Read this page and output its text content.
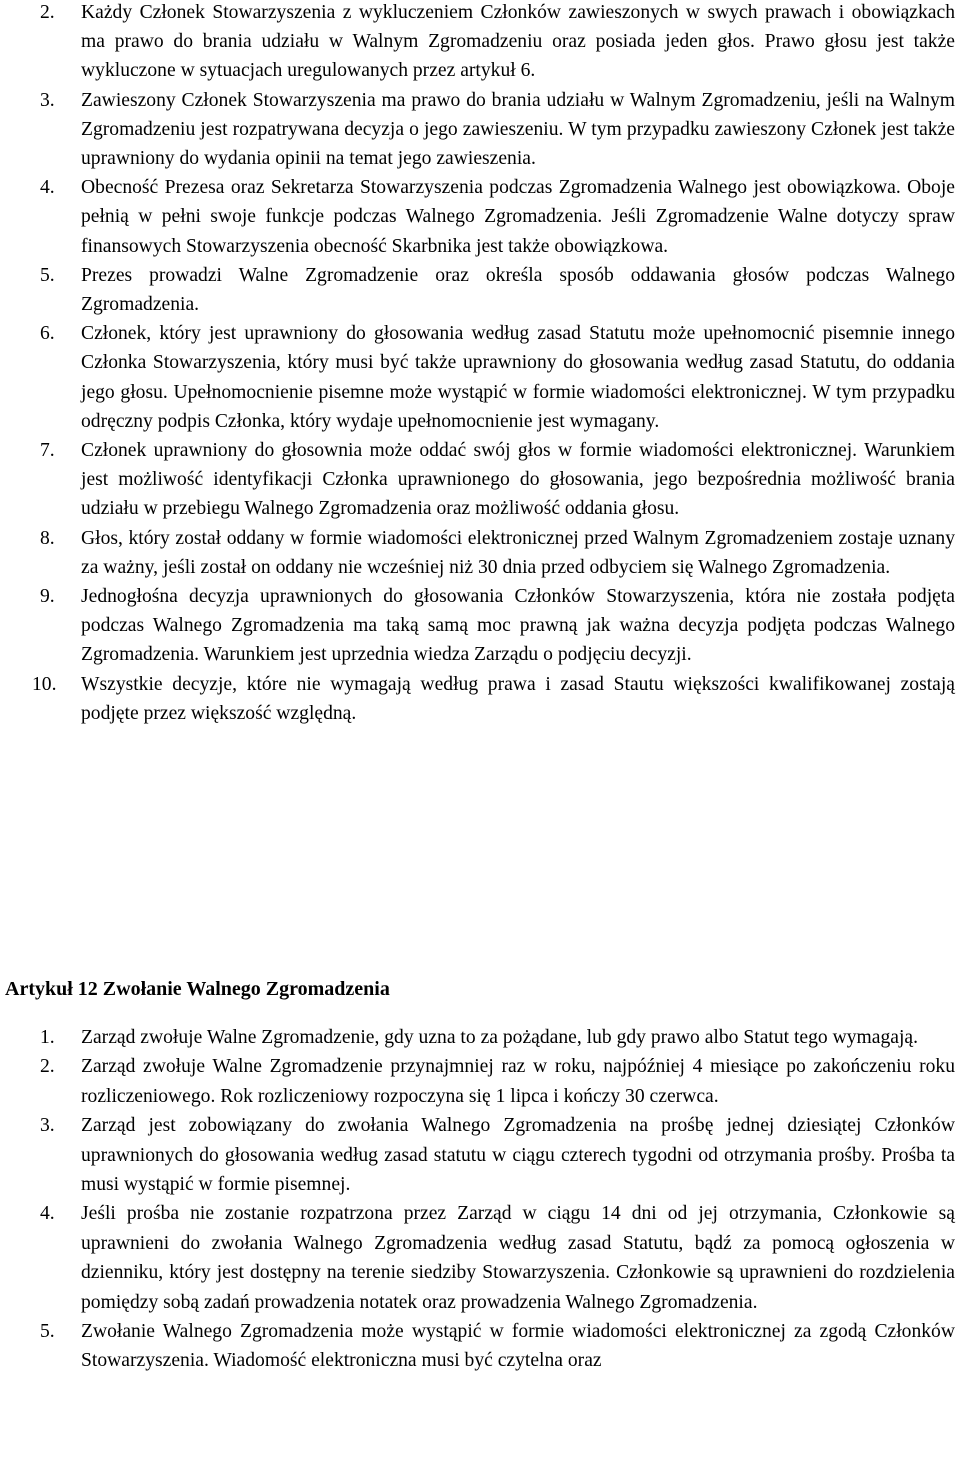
2.	Każdy Członek Stowarzyszenia z wykluczeniem Członków zawieszonych w swych prawach i obowiązkach ma prawo do brania udziału w Walnym Zgromadzeniu oraz posiada jeden głos. Prawo głosu jest także wykluczone w sytuacjach uregulowanych przez artykuł 6.
3.	Zawieszony Członek Stowarzyszenia ma prawo do brania udziału w Walnym Zgromadzeniu, jeśli na Walnym Zgromadzeniu jest rozpatrywana decyzja o jego zawieszeniu. W tym przypadku zawieszony Członek jest także uprawniony do wydania opinii na temat jego zawieszenia.
4.	Obecność Prezesa oraz Sekretarza Stowarzyszenia podczas Zgromadzenia Walnego jest obowiązkowa. Oboje pełnią w pełni swoje funkcje podczas Walnego Zgromadzenia. Jeśli Zgromadzenie Walne dotyczy spraw finansowych Stowarzyszenia obecność Skarbnika jest także obowiązkowa.
5.	Prezes prowadzi Walne Zgromadzenie oraz określa sposób oddawania głosów podczas Walnego Zgromadzenia.
6.	Członek, który jest uprawniony do głosowania według zasad Statutu może upełnomocnić pisemnie innego Członka Stowarzyszenia, który musi być także uprawniony do głosowania według zasad Statutu, do oddania jego głosu. Upełnomocnienie pisemne może wystąpić w formie wiadomości elektronicznej. W tym przypadku odręczny podpis Członka, który wydaje upełnomocnienie jest wymagany.
7.	Członek uprawniony do głosownia może oddać swój głos w formie wiadomości elektronicznej. Warunkiem jest możliwość identyfikacji Członka uprawnionego do głosowania, jego bezpośrednia możliwość brania udziału w przebiegu Walnego Zgromadzenia oraz możliwość oddania głosu.
8.	Głos, który został oddany w formie wiadomości elektronicznej przed Walnym Zgromadzeniem zostaje uznany za ważny, jeśli został on oddany nie wcześniej niż 30 dnia przed odbyciem się Walnego Zgromadzenia.
9.	Jednogłośna decyzja uprawnionych do głosowania Członków Stowarzyszenia, która nie została podjęta podczas Walnego Zgromadzenia ma taką samą moc prawną jak ważna decyzja podjęta podczas Walnego Zgromadzenia. Warunkiem jest uprzednia wiedza Zarządu o podjęciu decyzji.
10.	Wszystkie decyzje, które nie wymagają według prawa i zasad Stautu większości kwalifikowanej zostają podjęte przez większość względną.
Artykuł 12 Zwołanie Walnego Zgromadzenia
1.	Zarząd zwołuje Walne Zgromadzenie, gdy uzna to za pożądane, lub gdy prawo albo Statut tego wymagają.
2.	Zarząd zwołuje Walne Zgromadzenie przynajmniej raz w roku, najpóźniej 4 miesiące po zakończeniu roku rozliczeniowego. Rok rozliczeniowy rozpoczyna się 1 lipca i kończy 30 czerwca.
3.	Zarząd jest zobowiązany do zwołania Walnego Zgromadzenia na prośbę jednej dziesiątej Członków uprawnionych do głosowania według zasad statutu w ciągu czterech tygodni od otrzymania prośby. Prośba ta musi wystąpić w formie pisemnej.
4.	Jeśli prośba nie zostanie rozpatrzona przez Zarząd w ciągu 14 dni od jej otrzymania, Członkowie są uprawnieni do zwołania Walnego Zgromadzenia według zasad Statutu, bądź za pomocą ogłoszenia w dzienniku, który jest dostępny na terenie siedziby Stowarzyszenia. Członkowie są uprawnieni do rozdzielenia pomiędzy sobą zadań prowadzenia notatek oraz prowadzenia Walnego Zgromadzenia.
5.	Zwołanie Walnego Zgromadzenia może wystąpić w formie wiadomości elektronicznej za zgodą Członków Stowarzyszenia. Wiadomość elektroniczna musi być czytelna oraz
